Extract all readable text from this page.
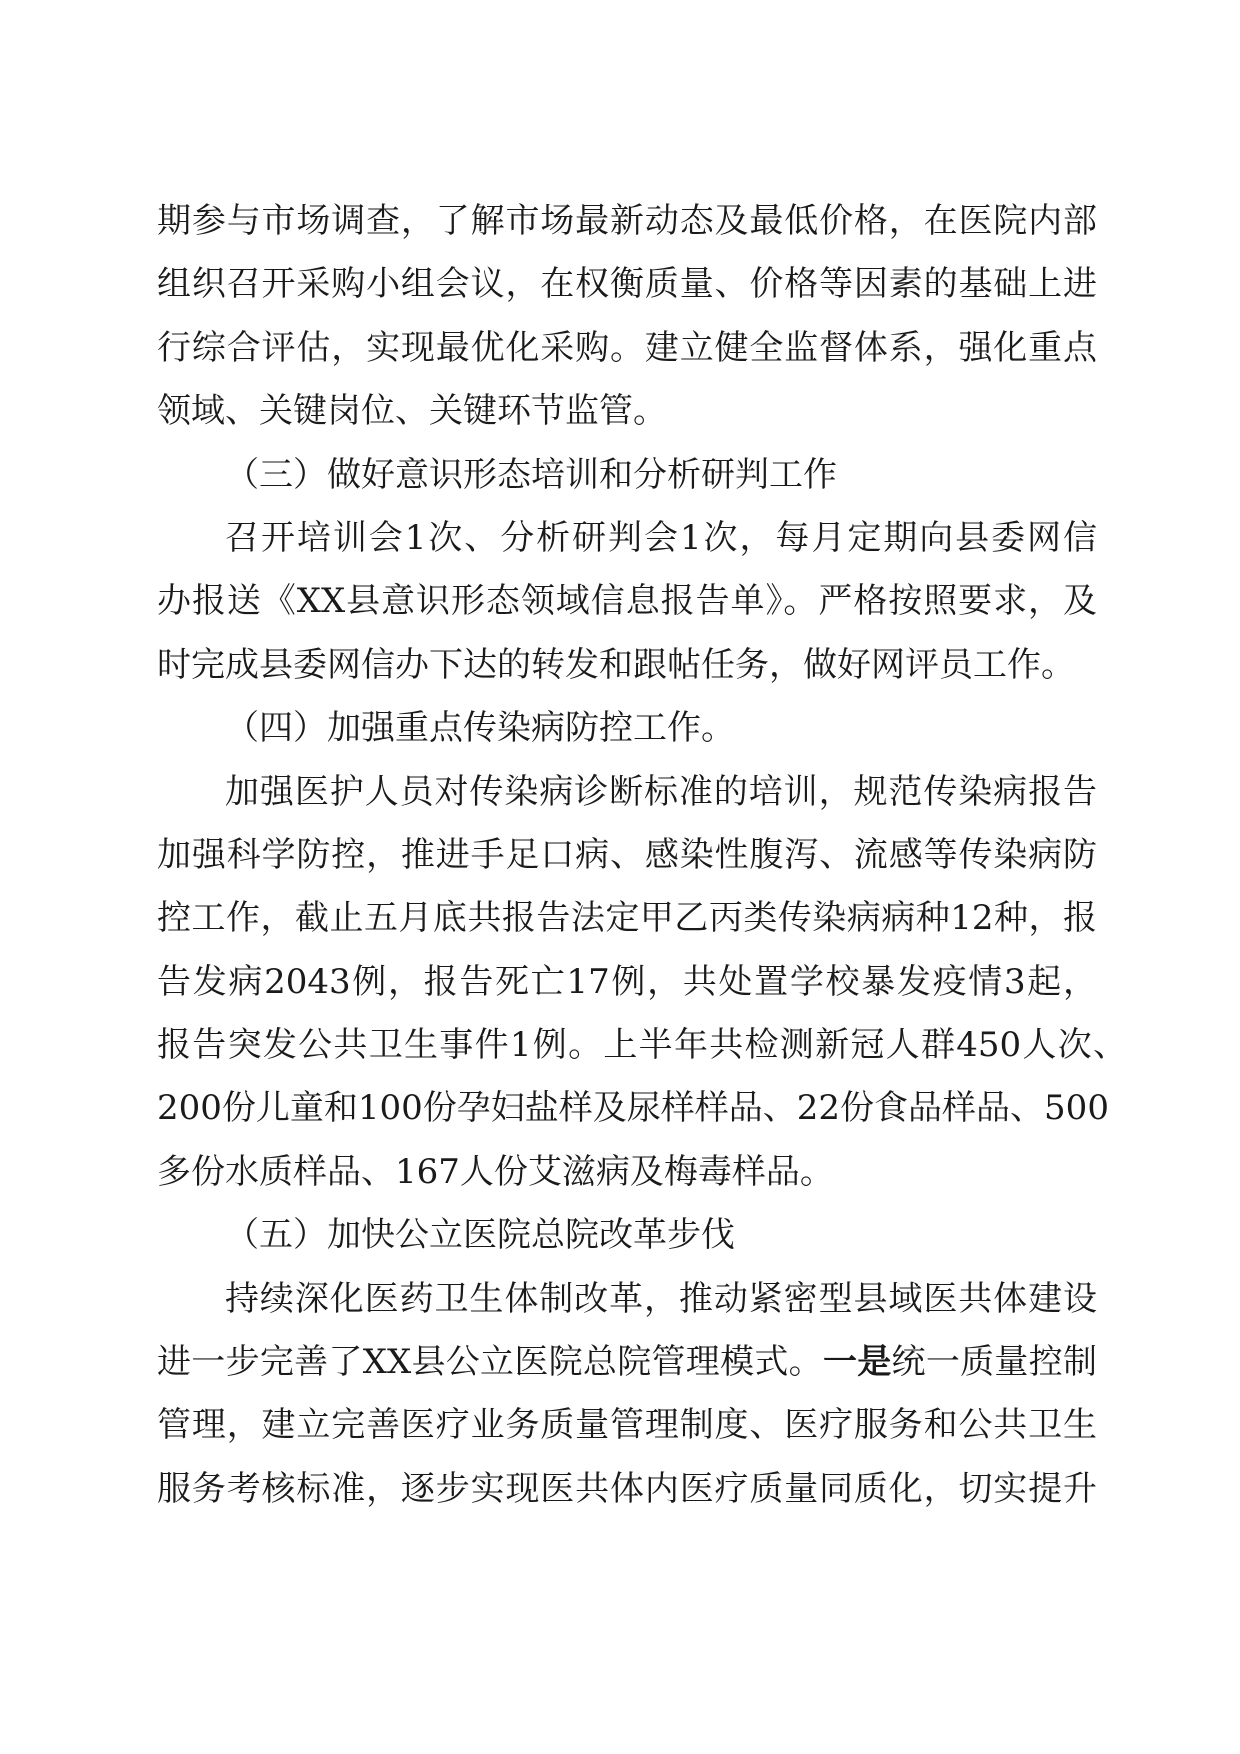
期参与市场调查，了解市场最新动态及最低价格，在医院内部
组织召开采购小组会议，在权衡质量、价格等因素的基础上进
行综合评估，实现最优化采购。建立健全监督体系，强化重点
领域、关键岗位、关键环节监管。
（三）做好意识形态培训和分析研判工作
召开培训会1次、分析研判会1次，每月定期向县委网信
办报送《XX县意识形态领域信息报告单》。严格按照要求，及
时完成县委网信办下达的转发和跟帖任务，做好网评员工作。
（四）加强重点传染病防控工作。
加强医护人员对传染病诊断标准的培训，规范传染病报告
加强科学防控，推进手足口病、感染性腹泻、流感等传染病防
控工作，截止五月底共报告法定甲乙丙类传染病病种12种，报
告发病2043例，报告死亡17例，共处置学校暴发疫情3起，
报告突发公共卫生事件1例。上半年共检测新冠人群450人次、
200份儿童和100份孕妇盐样及尿样样品、22份食品样品、500
多份水质样品、167人份艾滋病及梅毒样品。
（五）加快公立医院总院改革步伐
持续深化医药卫生体制改革，推动紧密型县域医共体建设
进一步完善了XX县公立医院总院管理模式。一是统一质量控制
管理，建立完善医疗业务质量管理制度、医疗服务和公共卫生
服务考核标准，逐步实现医共体内医疗质量同质化，切实提升
